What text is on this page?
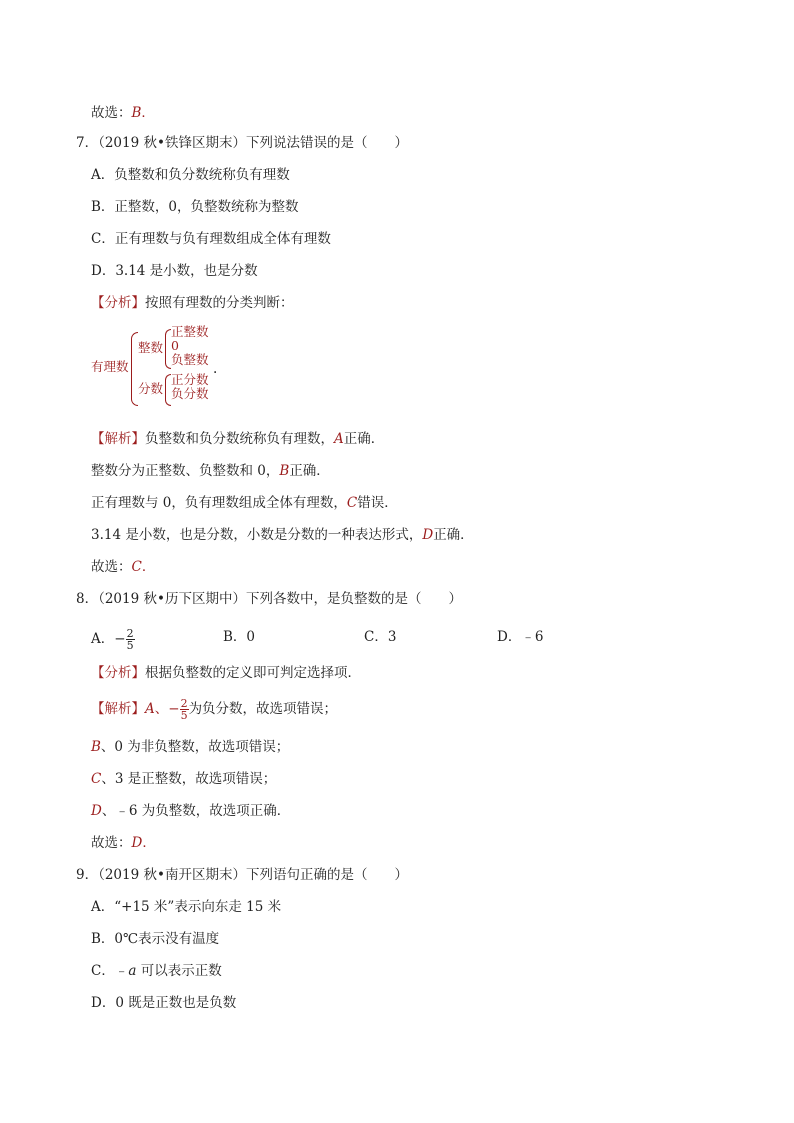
故选：B．
7．（2019 秋•铁锋区期末）下列说法错误的是（　　）
A．负整数和负分数统称负有理数
B．正整数，0，负整数统称为整数
C．正有理数与负有理数组成全体有理数
D．3.14 是小数，也是分数
【分析】按照有理数的分类判断：
有理数
整数
正整数
0
负整数
分数
正分数
负分数
.
【解析】负整数和负分数统称负有理数，A正确．
整数分为正整数、负整数和 0，B正确．
正有理数与 0，负有理数组成全体有理数，C错误．
3.14 是小数，也是分数，小数是分数的一种表达形式，D正确．
故选：C．
8．（2019 秋•历下区期中）下列各数中，是负整数的是（　　）
A．− $\frac{2}{5}$	B．0	C．3	D．﹣6
【分析】根据负整数的定义即可判定选择项．
【解析】A、− $\frac{2}{5}$ 为负分数，故选项错误；
B、0 为非负整数，故选项错误；
C、3 是正整数，故选项错误；
D、﹣6 为负整数，故选项正确．
故选：D．
9．（2019 秋•南开区期末）下列语句正确的是（　　）
A．“+15 米”表示向东走 15 米
B．0℃表示没有温度
C．﹣a 可以表示正数
D．0 既是正数也是负数
